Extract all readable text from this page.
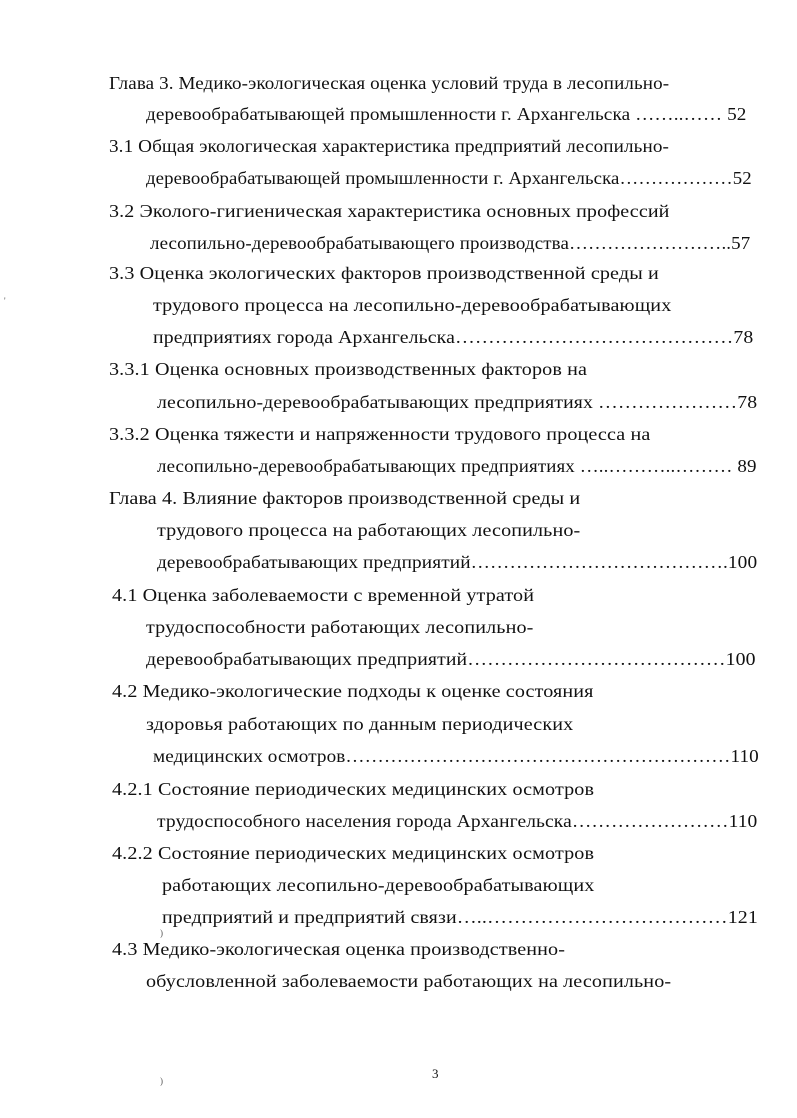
Глава 3. Медико-экологическая оценка условий труда в лесопильно-
деревообрабатывающей промышленности г. Архангельска ……..…… 52
3.1 Общая экологическая характеристика предприятий лесопильно-
деревообрабатывающей промышленности г. Архангельска………………52
3.2 Эколого-гигиеническая характеристика основных профессий
лесопильно-деревообрабатывающего производства……………………..57
3.3 Оценка экологических факторов производственной среды и
трудового процесса на лесопильно-деревообрабатывающих
предприятиях города Архангельска……………………………………78
3.3.1 Оценка основных производственных факторов на
лесопильно-деревообрабатывающих предприятиях …………………78
3.3.2 Оценка тяжести и напряженности трудового процесса на
лесопильно-деревообрабатывающих предприятиях …..………..……… 89
Глава 4. Влияние факторов производственной среды и
трудового процесса на работающих лесопильно-
деревообрабатывающих предприятий………………………………….100
4.1 Оценка заболеваемости с временной утратой
трудоспособности работающих лесопильно-
деревообрабатывающих предприятий…………………………………100
4.2 Медико-экологические подходы к оценке состояния
здоровья работающих по данным периодических
медицинских осмотров……………………………………………………110
4.2.1 Состояние периодических медицинских осмотров
трудоспособного населения города Архангельска……………………110
4.2.2 Состояние периодических медицинских осмотров
работающих лесопильно-деревообрабатывающих
предприятий и предприятий связи…..………………………………121
4.3 Медико-экологическая оценка производственно-
обусловленной заболеваемости работающих на лесопильно-
3
'
)
)
